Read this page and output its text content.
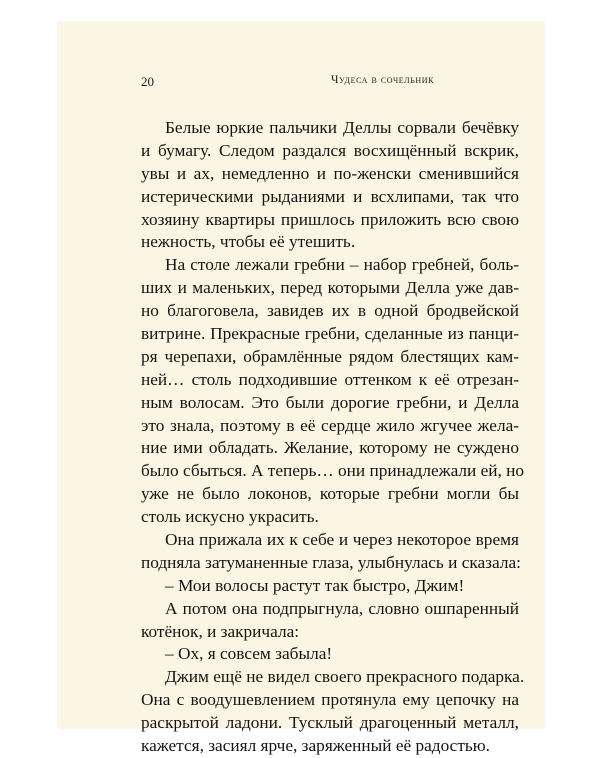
20	Чудеса в сочельник
Белые юркие пальчики Деллы сорвали бечёвку
и бумагу. Следом раздался восхищённый вскрик,
увы и ах, немедленно и по-женски сменившийся
истерическими рыданиями и всхлипами, так что
хозяину квартиры пришлось приложить всю свою
нежность, чтобы её утешить.
На столе лежали гребни – набор гребней, боль-
ших и маленьких, перед которыми Делла уже дав-
но благоговела, завидев их в одной бродвейской
витрине. Прекрасные гребни, сделанные из панци-
ря черепахи, обрамлённые рядом блестящих кам-
ней… столь подходившие оттенком к её отрезан-
ным волосам. Это были дорогие гребни, и Делла
это знала, поэтому в её сердце жило жгучее жела-
ние ими обладать. Желание, которому не суждено
было сбыться. А теперь… они принадлежали ей, но
уже не было локонов, которые гребни могли бы
столь искусно украсить.
Она прижала их к себе и через некоторое время
подняла затуманенные глаза, улыбнулась и сказала:
– Мои волосы растут так быстро, Джим!
А потом она подпрыгнула, словно ошпаренный
котёнок, и закричала:
– Ох, я совсем забыла!
Джим ещё не видел своего прекрасного подарка.
Она с воодушевлением протянула ему цепочку на
раскрытой ладони. Тусклый драгоценный металл,
кажется, засиял ярче, заряженный её радостью.
